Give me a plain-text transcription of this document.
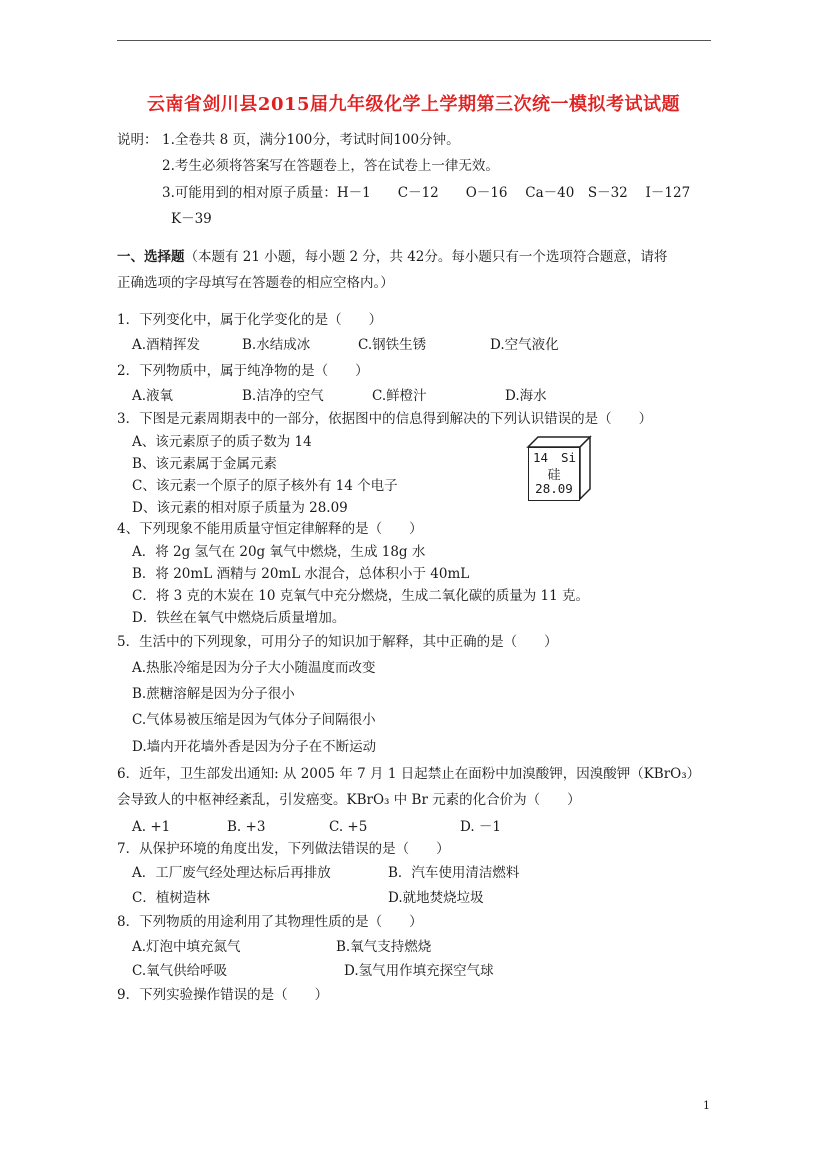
云南省剑川县2015届九年级化学上学期第三次统一模拟考试试题
说明： 1.全卷共 8 页，满分100分，考试时间100分钟。
2.考生必须将答案写在答题卷上，答在试卷上一律无效。
3.可能用到的相对原子质量：H－1　　C－12　　O－16　 Ca－40　S－32　 I－127
K－39
一、选择题（本题有 21 小题，每小题 2 分，共 42分。每小题只有一个选项符合题意，请将
正确选项的字母填写在答题卷的相应空格内。）
1．下列变化中，属于化学变化的是（　　）
A.酒精挥发	B.水结成冰	C.钢铁生锈	D.空气液化
2．下列物质中，属于纯净物的是（　　）
A.液氧	B.洁净的空气	C.鲜橙汁	D.海水
3．下图是元素周期表中的一部分，依据图中的信息得到解决的下列认识错误的是（　　）
A、该元素原子的质子数为 14
B、该元素属于金属元素
C、该元素一个原子的原子核外有 14 个电子
D、该元素的相对原子质量为 28.09
14 Si
硅
28.09
4、下列现象不能用质量守恒定律解释的是（　　）
A．将 2g 氢气在 20g 氧气中燃烧，生成 18g 水
B．将 20mL 酒精与 20mL 水混合，总体积小于 40mL
C．将 3 克的木炭在 10 克氧气中充分燃烧，生成二氧化碳的质量为 11 克。
D．铁丝在氧气中燃烧后质量增加。
5．生活中的下列现象，可用分子的知识加于解释，其中正确的是（　　）
A.热胀冷缩是因为分子大小随温度而改变
B.蔗糖溶解是因为分子很小
C.气体易被压缩是因为气体分子间隔很小
D.墙内开花墙外香是因为分子在不断运动
6．近年，卫生部发出通知: 从 2005 年 7 月 1 日起禁止在面粉中加溴酸钾，因溴酸钾（KBrO₃）
会导致人的中枢神经紊乱，引发癌变。KBrO₃ 中 Br 元素的化合价为（　　）
A. +1	B. +3	C. +5	D. －1
7．从保护环境的角度出发，下列做法错误的是（　　）
A．工厂废气经处理达标后再排放	B．汽车使用清洁燃料
C．植树造林	D.就地焚烧垃圾
8．下列物质的用途利用了其物理性质的是（　　）
A.灯泡中填充氮气	B.氧气支持燃烧
C.氧气供给呼吸	D.氢气用作填充探空气球
9．下列实验操作错误的是（　　）
1
